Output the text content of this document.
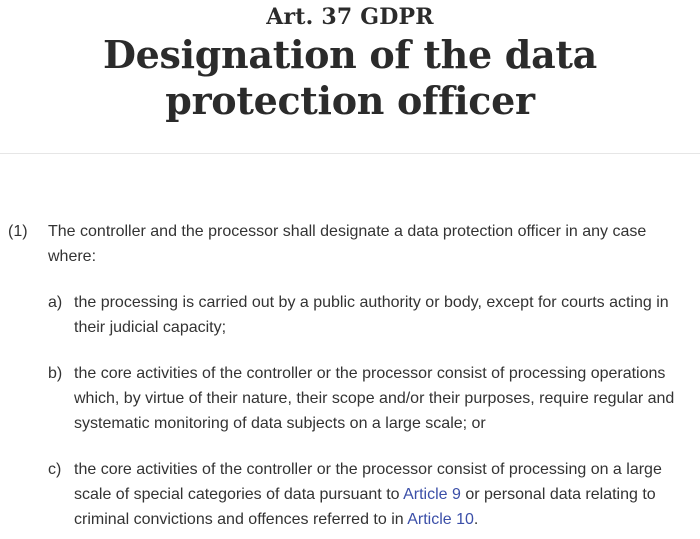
Art. 37 GDPR
Designation of the data protection officer
(1)	The controller and the processor shall designate a data protection officer in any case where:
a) the processing is carried out by a public authority or body, except for courts acting in their judicial capacity;
b) the core activities of the controller or the processor consist of processing operations which, by virtue of their nature, their scope and/or their purposes, require regular and systematic monitoring of data subjects on a large scale; or
c) the core activities of the controller or the processor consist of processing on a large scale of special categories of data pursuant to Article 9 or personal data relating to criminal convictions and offences referred to in Article 10.
